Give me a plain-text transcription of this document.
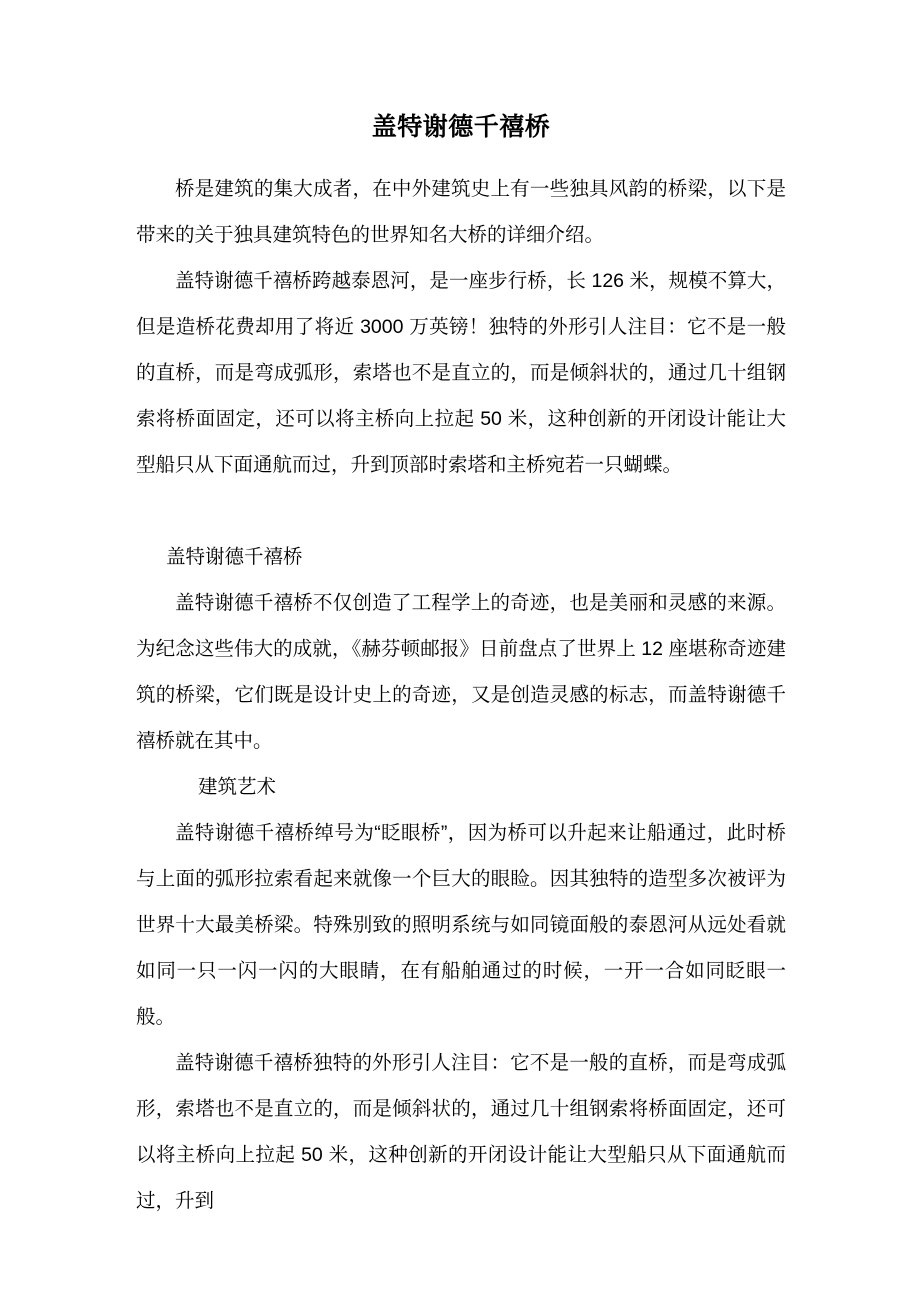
盖特谢德千禧桥

桥是建筑的集大成者，在中外建筑史上有一些独具风韵的桥梁，以下是带来的关于独具建筑特色的世界知名大桥的详细介绍。

盖特谢德千禧桥跨越泰恩河，是一座步行桥，长 126 米，规模不算大，但是造桥花费却用了将近 3000 万英镑！独特的外形引人注目：它不是一般的直桥，而是弯成弧形，索塔也不是直立的，而是倾斜状的，通过几十组钢索将桥面固定，还可以将主桥向上拉起 50 米，这种创新的开闭设计能让大型船只从下面通航而过，升到顶部时索塔和主桥宛若一只蝴蝶。

盖特谢德千禧桥

盖特谢德千禧桥不仅创造了工程学上的奇迹，也是美丽和灵感的来源。为纪念这些伟大的成就，《赫芬顿邮报》日前盘点了世界上 12 座堪称奇迹建筑的桥梁，它们既是设计史上的奇迹，又是创造灵感的标志，而盖特谢德千禧桥就在其中。

建筑艺术

盖特谢德千禧桥绰号为“眨眼桥”，因为桥可以升起来让船通过，此时桥与上面的弧形拉索看起来就像一个巨大的眼睑。因其独特的造型多次被评为世界十大最美桥梁。特殊别致的照明系统与如同镜面般的泰恩河从远处看就如同一只一闪一闪的大眼睛，在有船舶通过的时候，一开一合如同眨眼一般。

盖特谢德千禧桥独特的外形引人注目：它不是一般的直桥，而是弯成弧形，索塔也不是直立的，而是倾斜状的，通过几十组钢索将桥面固定，还可以将主桥向上拉起 50 米，这种创新的开闭设计能让大型船只从下面通航而过，升到
